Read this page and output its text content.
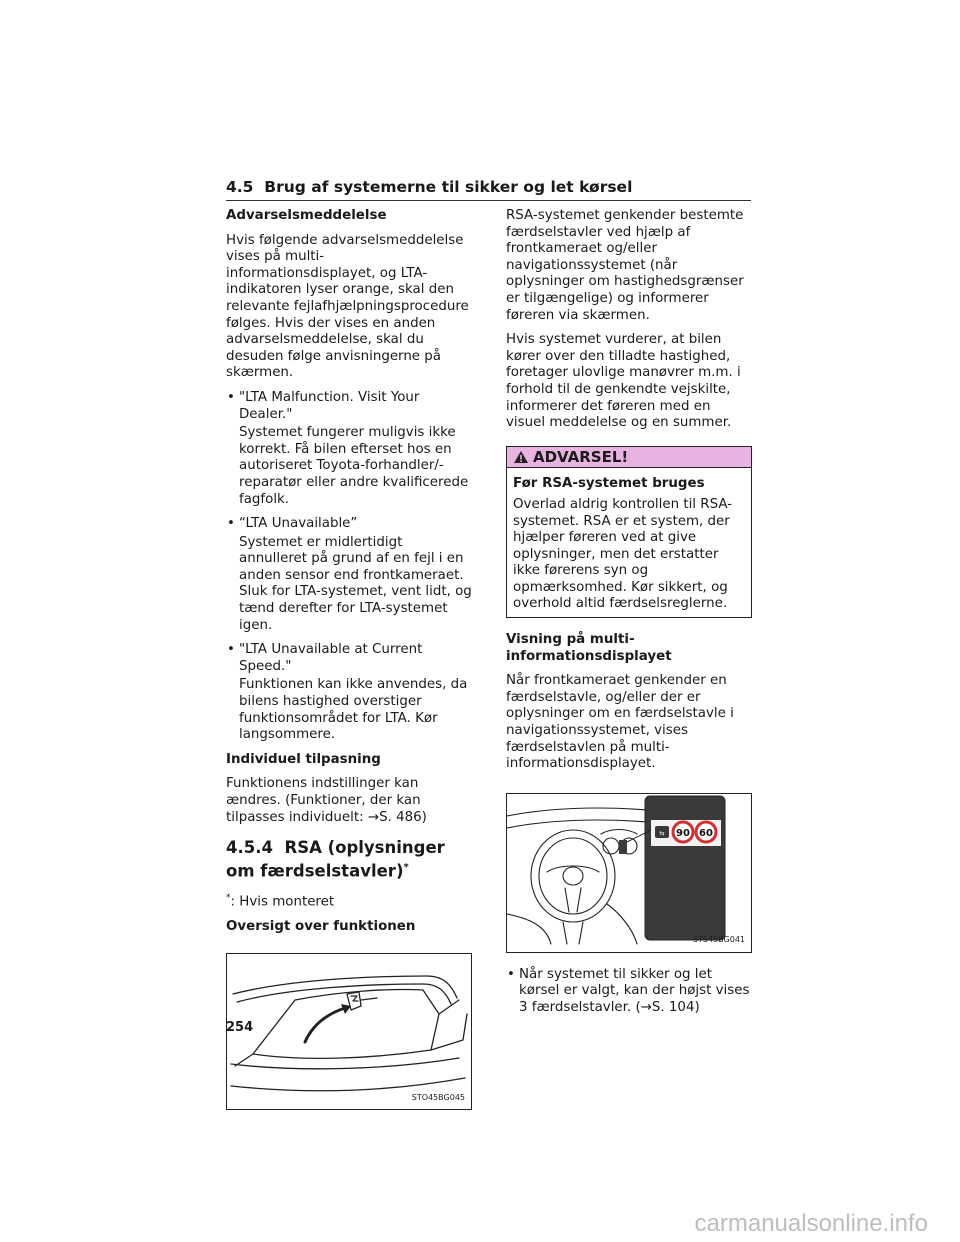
4.5 Brug af systemerne til sikker og let kørsel
Advarselsmeddelelse

Hvis følgende advarselsmeddelelse vises på multi-informationsdisplayet, og LTA-indikatoren lyser orange, skal den relevante fejlafhjælpningsprocedure følges. Hvis der vises en anden advarselsmeddelelse, skal du desuden følge anvisningerne på skærmen.

• "LTA Malfunction. Visit Your Dealer."
Systemet fungerer muligvis ikke korrekt. Få bilen efterset hos en autoriseret Toyota-forhandler/-reparatør eller andre kvalificerede fagfolk.
• “LTA Unavailable”
Systemet er midlertidigt annulleret på grund af en fejl i en anden sensor end frontkameraet. Sluk for LTA-systemet, vent lidt, og tænd derefter for LTA-systemet igen.
• "LTA Unavailable at Current Speed."
Funktionen kan ikke anvendes, da bilens hastighed overstiger funktionsområdet for LTA. Kør langsommere.
Individuel tilpasning

Funktionens indstillinger kan ændres. (Funktioner, der kan tilpasses individuelt: →S. 486)

4.5.4 RSA (oplysninger om færdselstavler)*

*: Hvis monteret

Oversigt over funktionen
STO45BG045

RSA-systemet genkender bestemte færdselstavler ved hjælp af frontkameraet og/eller navigationssystemet (når oplysninger om hastighedsgrænser er tilgængelige) og informerer føreren via skærmen.

Hvis systemet vurderer, at bilen kører over den tilladte hastighed, foretager ulovlige manøvrer m.m. i forhold til de genkendte vejskilte, informerer det føreren med en visuel meddelelse og en summer.

ADVARSEL!
Før RSA-systemet bruges
Overlad aldrig kontrollen til RSA-systemet. RSA er et system, der hjælper føreren ved at give oplysninger, men det erstatter ikke førerens syn og opmærksomhed. Kør sikkert, og overhold altid færdselsreglerne.
Visning på multi-informationsdisplayet

Når frontkameraet genkender en færdselstavle, og/eller der er oplysninger om en færdselstavle i navigationssystemet, vises færdselstavlen på multi-informationsdisplayet.

⇆ 90 60
STS45BG041
• Når systemet til sikker og let kørsel er valgt, kan der højst vises 3 færdselstavler. (→S. 104)
254
carmanualsonline.info
